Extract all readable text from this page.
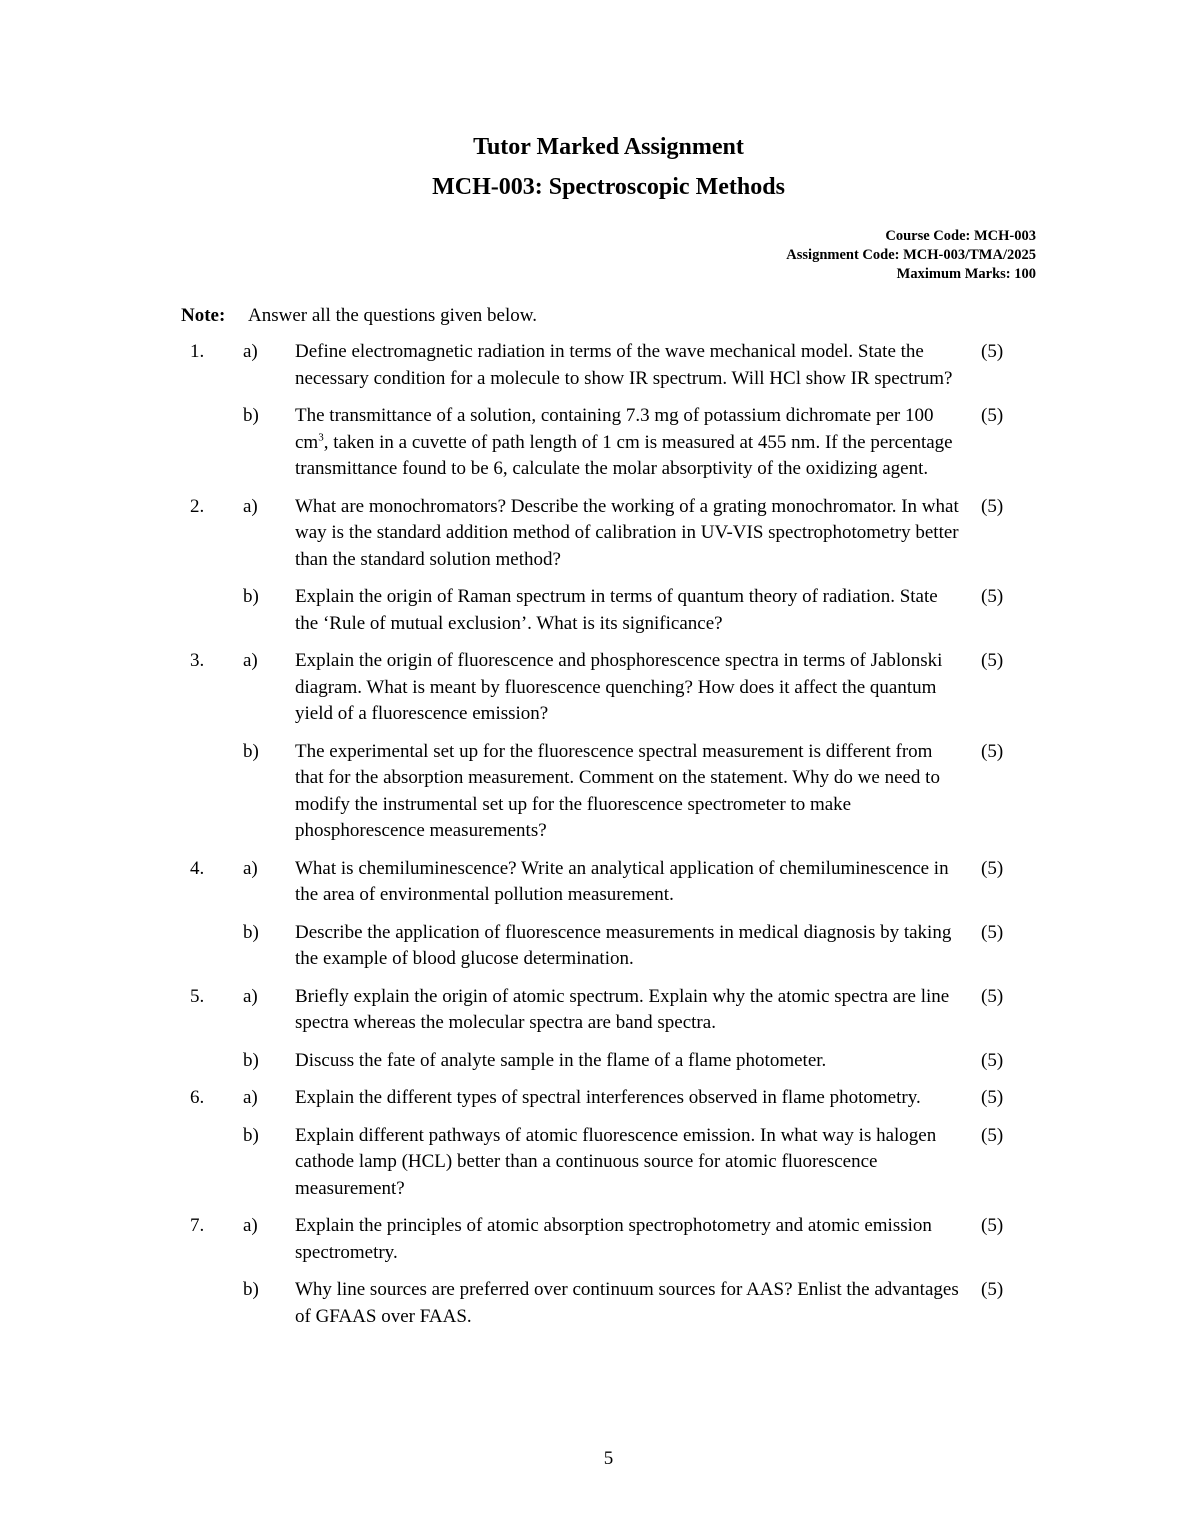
Tutor Marked Assignment
MCH-003: Spectroscopic Methods
Course Code: MCH-003
Assignment Code: MCH-003/TMA/2025
Maximum Marks: 100
Note: Answer all the questions given below.
1. a) Define electromagnetic radiation in terms of the wave mechanical model. State the necessary condition for a molecule to show IR spectrum. Will HCl show IR spectrum?
(5)
b) The transmittance of a solution, containing 7.3 mg of potassium dichromate per 100 $cm^3$, taken in a cuvette of path length of 1 cm is measured at 455 nm. If the percentage transmittance found to be 6, calculate the molar absorptivity of the oxidizing agent.
(5)
2. a) What are monochromators? Describe the working of a grating monochromator. In what way is the standard addition method of calibration in UV-VIS spectrophotometry better than the standard solution method?
(5)
b) Explain the origin of Raman spectrum in terms of quantum theory of radiation. State the ‘Rule of mutual exclusion’. What is its significance?
(5)
3. a) Explain the origin of fluorescence and phosphorescence spectra in terms of Jablonski diagram. What is meant by fluorescence quenching? How does it affect the quantum yield of a fluorescence emission?
(5)
b) The experimental set up for the fluorescence spectral measurement is different from that for the absorption measurement. Comment on the statement. Why do we need to modify the instrumental set up for the fluorescence spectrometer to make phosphorescence measurements?
(5)
4. a) What is chemiluminescence? Write an analytical application of chemiluminescence in the area of environmental pollution measurement.
(5)
b) Describe the application of fluorescence measurements in medical diagnosis by taking the example of blood glucose determination.
(5)
5. a) Briefly explain the origin of atomic spectrum. Explain why the atomic spectra are line spectra whereas the molecular spectra are band spectra.
(5)
b) Discuss the fate of analyte sample in the flame of a flame photometer.	(5)
6. a) Explain the different types of spectral interferences observed in flame photometry.	(5)
b) Explain different pathways of atomic fluorescence emission. In what way is halogen cathode lamp (HCL) better than a continuous source for atomic fluorescence measurement?
(5)
7. a) Explain the principles of atomic absorption spectrophotometry and atomic emission spectrometry.
(5)
b) Why line sources are preferred over continuum sources for AAS? Enlist the advantages of GFAAS over FAAS.
(5)
5
